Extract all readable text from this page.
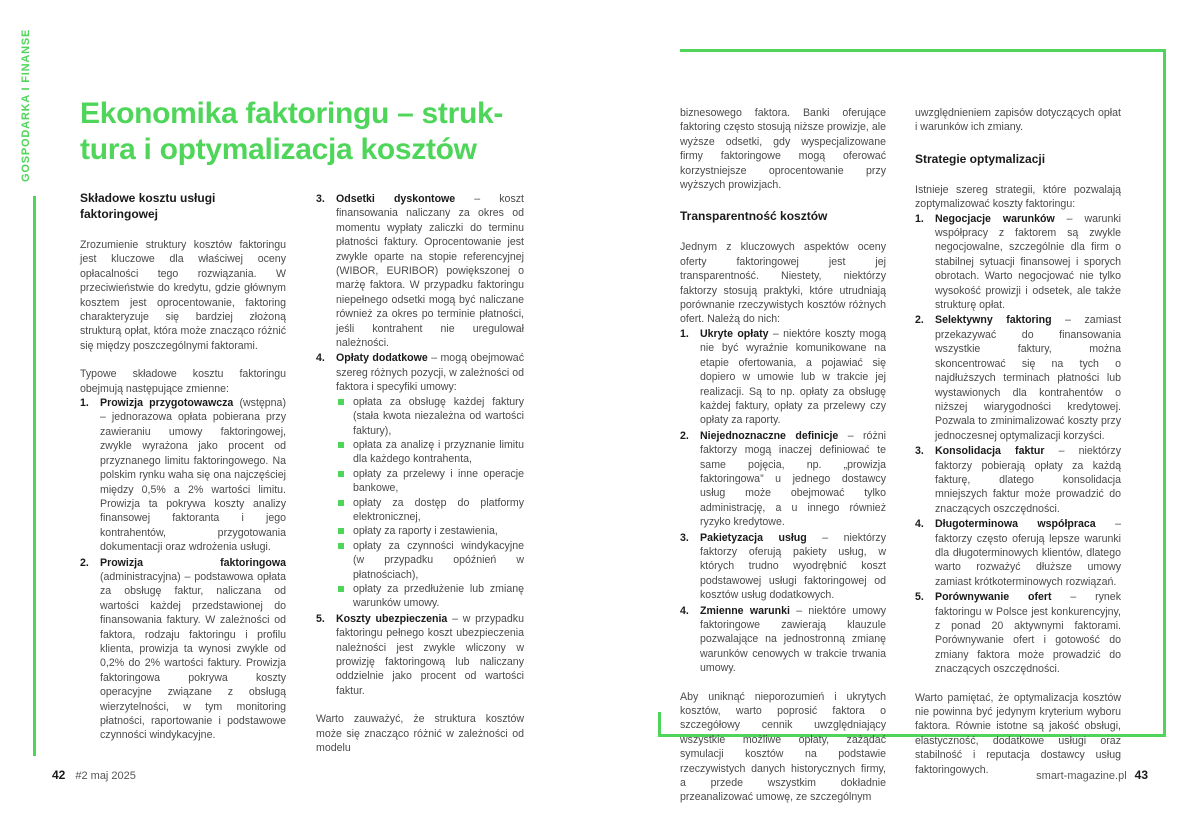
GOSPODARKA I FINANSE Ekonomika faktoringu – struk-tura i optymalizacja kosztów
Składowe kosztu usługi faktoringowej

Zrozumienie struktury kosztów faktoringu jest kluczowe dla właściwej oceny opłacalności tego rozwiązania. W przeciwieństwie do kredytu, gdzie głównym kosztem jest oprocentowanie, faktoring charakteryzuje się bardziej złożoną strukturą opłat, która może znacząco różnić się między poszczególnymi faktorami.

Typowe składowe kosztu faktoringu obejmują następujące zmienne:

1. Prowizja przygotowawcza (wstępna) – jednorazowa opłata pobierana przy zawieraniu umowy faktoringowej, zwykle wyrażona jako procent od przyznanego limitu faktoringowego. Na polskim rynku waha się ona najczęściej między 0,5% a 2% wartości limitu. Prowizja ta pokrywa koszty analizy finansowej faktoranta i jego kontrahentów, przygotowania dokumentacji oraz wdrożenia usługi.
2. Prowizja faktoringowa (administracyjna) – podstawowa opłata za obsługę faktur, naliczana od wartości każdej przedstawionej do finansowania faktury. W zależności od faktora, rodzaju faktoringu i profilu klienta, prowizja ta wynosi zwykle od 0,2% do 2% wartości faktury. Prowizja faktoringowa pokrywa koszty operacyjne związane z obsługą wierzytelności, w tym monitoring płatności, raportowanie i podstawowe czynności windykacyjne.
3. Odsetki dyskontowe – koszt finansowania naliczany za okres od momentu wypłaty zaliczki do terminu płatności faktury. Oprocentowanie jest zwykle oparte na stopie referencyjnej (WIBOR, EURIBOR) powiększonej o marżę faktora. W przypadku faktoringu niepełnego odsetki mogą być naliczane również za okres po terminie płatności, jeśli kontrahent nie uregulował należności.
4. Opłaty dodatkowe – mogą obejmować szereg różnych pozycji, w zależności od faktora i specyfiki umowy:
opłata za obsługę każdej faktury (stała kwota niezależna od wartości faktury),
opłata za analizę i przyznanie limitu dla każdego kontrahenta,
opłaty za przelewy i inne operacje bankowe,
opłaty za dostęp do platformy elektronicznej,
opłaty za raporty i zestawienia,
opłaty za czynności windykacyjne (w przypadku opóźnień w płatnościach),
opłaty za przedłużenie lub zmianę warunków umowy.
5. Koszty ubezpieczenia – w przypadku faktoringu pełnego koszt ubezpieczenia należności jest zwykle wliczony w prowizję faktoringową lub naliczany oddzielnie jako procent od wartości faktur.

Warto zauważyć, że struktura kosztów może się znacząco różnić w zależności od modelu

biznesowego faktora. Banki oferujące faktoring często stosują niższe prowizje, ale wyższe odsetki, gdy wyspecjalizowane firmy faktoringowe mogą oferować korzystniejsze oprocentowanie przy wyższych prowizjach.

Transparentność kosztów

Jednym z kluczowych aspektów oceny oferty faktoringowej jest jej transparentność. Niestety, niektórzy faktorzy stosują praktyki, które utrudniają porównanie rzeczywistych kosztów różnych ofert. Należą do nich:

1. Ukryte opłaty – niektóre koszty mogą nie być wyraźnie komunikowane na etapie ofertowania, a pojawiać się dopiero w umowie lub w trakcie jej realizacji. Są to np. opłaty za obsługę każdej faktury, opłaty za przelewy czy opłaty za raporty.
2. Niejednoznaczne definicje – różni faktorzy mogą inaczej definiować te same pojęcia, np. „prowizja faktoringowa” u jednego dostawcy usług może obejmować tylko administrację, a u innego również ryzyko kredytowe.
3. Pakietyzacja usług – niektórzy faktorzy oferują pakiety usług, w których trudno wyodrębnić koszt podstawowej usługi faktoringowej od kosztów usług dodatkowych.
4. Zmienne warunki – niektóre umowy faktoringowe zawierają klauzule pozwalające na jednostronną zmianę warunków cenowych w trakcie trwania umowy.

Aby uniknąć nieporozumień i ukrytych kosztów, warto poprosić faktora o szczegółowy cennik uwzględniający wszystkie możliwe opłaty, zażądać symulacji kosztów na podstawie rzeczywistych danych historycznych firmy, a przede wszystkim dokładnie przeanalizować umowę, ze szczególnym

uwzględnieniem zapisów dotyczących opłat i warunków ich zmiany.

Strategie optymalizacji

Istnieje szereg strategii, które pozwalają zoptymalizować koszty faktoringu:

1. Negocjacje warunków – warunki współpracy z faktorem są zwykle negocjowalne, szczególnie dla firm o stabilnej sytuacji finansowej i sporych obrotach. Warto negocjować nie tylko wysokość prowizji i odsetek, ale także strukturę opłat.
2. Selektywny faktoring – zamiast przekazywać do finansowania wszystkie faktury, można skoncentrować się na tych o najdłuższych terminach płatności lub wystawionych dla kontrahentów o niższej wiarygodności kredytowej. Pozwala to zminimalizować koszty przy jednoczesnej optymalizacji korzyści.
3. Konsolidacja faktur – niektórzy faktorzy pobierają opłaty za każdą fakturę, dlatego konsolidacja mniejszych faktur może prowadzić do znaczących oszczędności.
4. Długoterminowa współpraca – faktorzy często oferują lepsze warunki dla długoterminowych klientów, dlatego warto rozważyć dłuższe umowy zamiast krótkoterminowych rozwiązań.
5. Porównywanie ofert – rynek faktoringu w Polsce jest konkurencyjny, z ponad 20 aktywnymi faktorami. Porównywanie ofert i gotowość do zmiany faktora może prowadzić do znaczących oszczędności.

Warto pamiętać, że optymalizacja kosztów nie powinna być jedynym kryterium wyboru faktora. Równie istotne są jakość obsługi, elastyczność, dodatkowe usługi oraz stabilność i reputacja dostawcy usług faktoringowych.

42 #2 maj 2025	smart-magazine.pl 43
